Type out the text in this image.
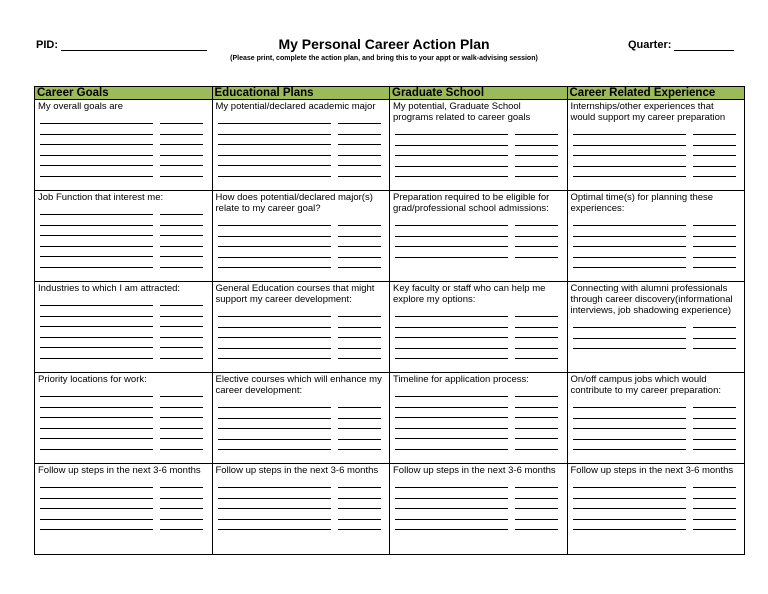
PID:	My Personal Career Action Plan
(Please print, complete the action plan, and bring this to your appt or walk-advising session)
Quarter:
Career Goals	Educational Plans	Graduate School	Career Related Experience

My overall goals are	My potential/declared academic major	My potential, Graduate School programs related to career goals	Internships/other experiences that would support my career preparation

Job Function that interest me:	How does potential/declared major(s) relate to my career goal?	Preparation required to be eligible for grad/professional school admissions:	Optimal time(s) for planning these experiences:

Industries to which I am attracted:	General Education courses that might support my career development:	Key faculty or staff who can help me explore my options:	Connecting with alumni professionals through career discovery(informational interviews, job shadowing experience)

Priority locations for work:	Elective courses which will enhance my career development:	Timeline for application process:	On/off campus jobs which would contribute to my career preparation:

Follow up steps in the next 3-6 months	Follow up steps in the next 3-6 months	Follow up steps in the next 3-6 months	Follow up steps in the next 3-6 months
